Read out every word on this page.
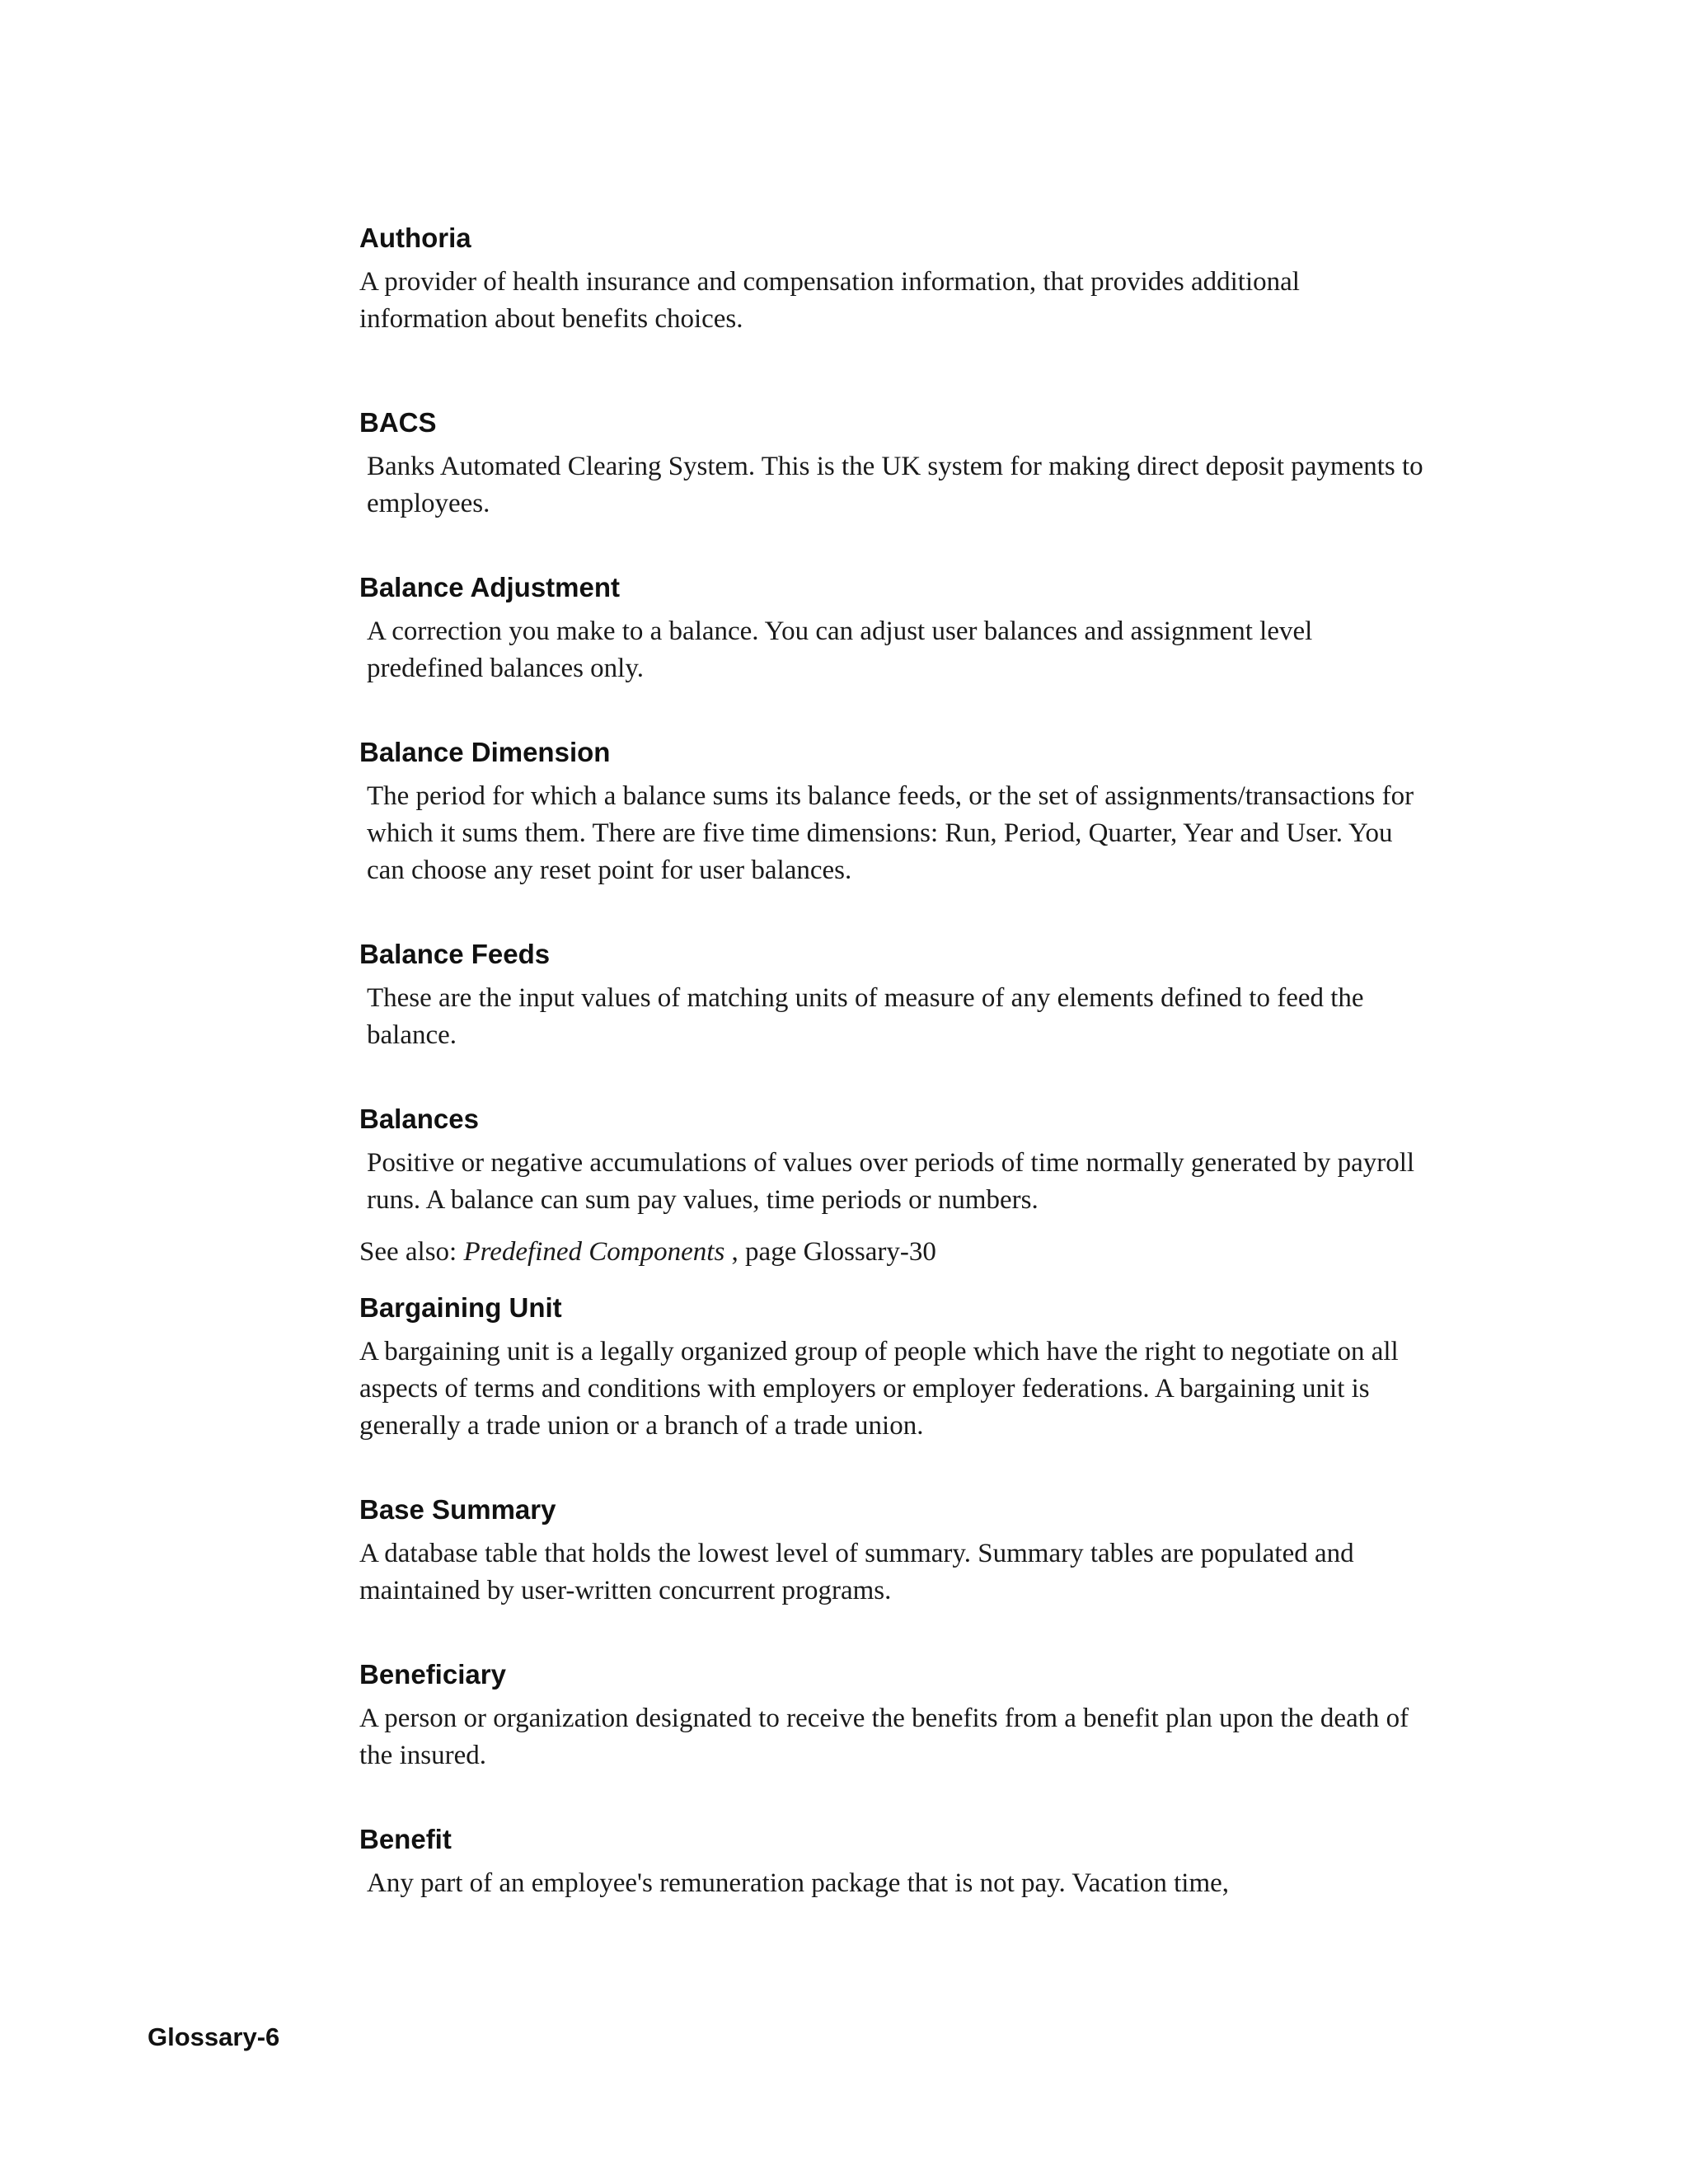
Authoria

A provider of health insurance and compensation information, that provides additional information about benefits choices.

BACS

Banks Automated Clearing System. This is the UK system for making direct deposit payments to employees.

Balance Adjustment

A correction you make to a balance. You can adjust user balances and assignment level predefined balances only.

Balance Dimension

The period for which a balance sums its balance feeds, or the set of assignments/transactions for which it sums them. There are five time dimensions: Run, Period, Quarter, Year and User. You can choose any reset point for user balances.

Balance Feeds

These are the input values of matching units of measure of any elements defined to feed the balance.

Balances

Positive or negative accumulations of values over periods of time normally generated by payroll runs. A balance can sum pay values, time periods or numbers.

See also: Predefined Components , page Glossary-30

Bargaining Unit

A bargaining unit is a legally organized group of people which have the right to negotiate on all aspects of terms and conditions with employers or employer federations. A bargaining unit is generally a trade union or a branch of a trade union.

Base Summary

A database table that holds the lowest level of summary. Summary tables are populated and maintained by user-written concurrent programs.

Beneficiary

A person or organization designated to receive the benefits from a benefit plan upon the death of the insured.

Benefit

Any part of an employee's remuneration package that is not pay. Vacation time,

Glossary-6
